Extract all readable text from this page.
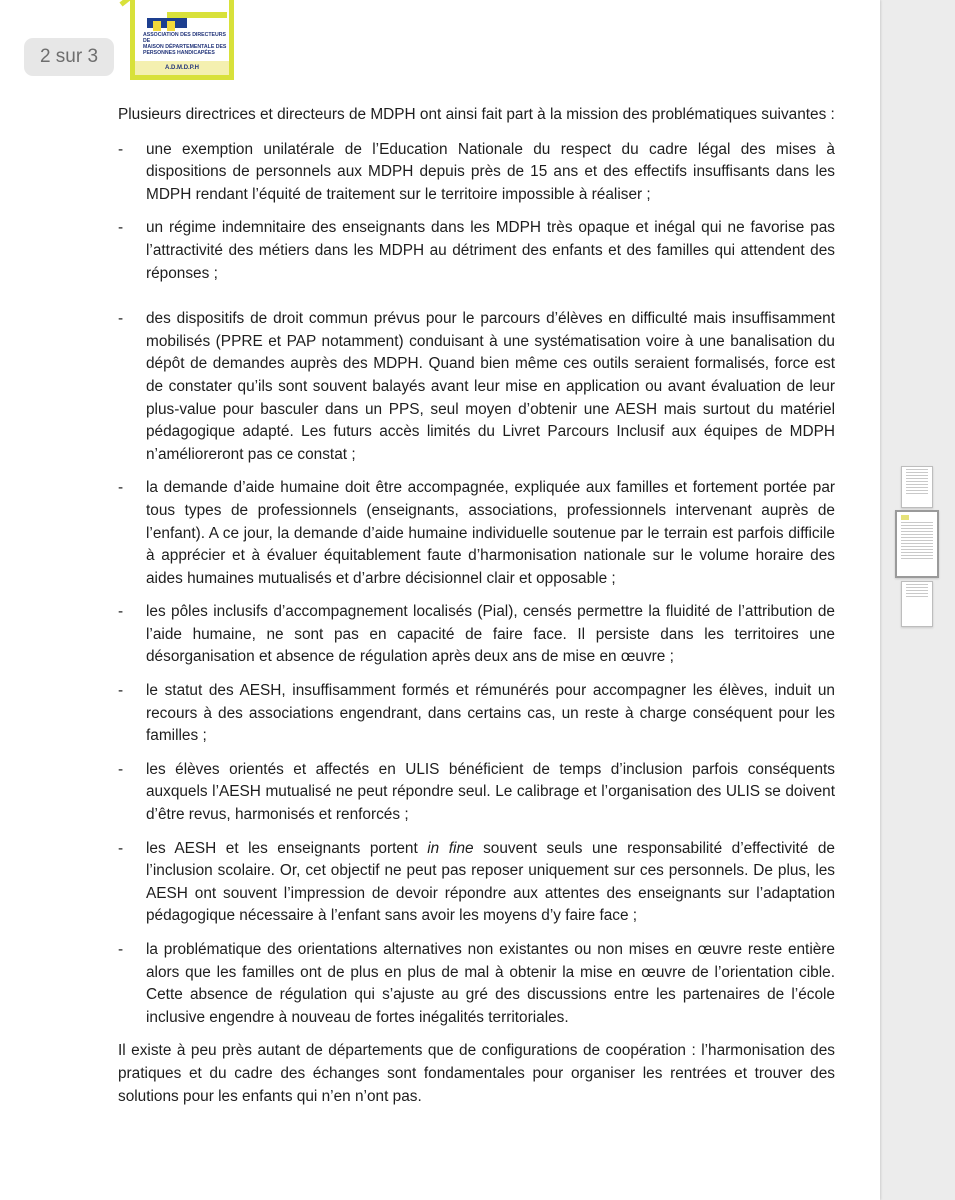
2 sur 3
ASSOCIATION DES DIRECTEURS DE
MAISON DÉPARTEMENTALE DES
PERSONNES HANDICAPÉES
A.D.M.D.P.H

Plusieurs directrices et directeurs de MDPH ont ainsi fait part à la mission des problématiques suivantes :

- une exemption unilatérale de l’Education Nationale du respect du cadre légal des mises à dispositions de personnels aux MDPH depuis près de 15 ans et des effectifs insuffisants dans les MDPH rendant l’équité de traitement sur le territoire impossible à réaliser ;
- un régime indemnitaire des enseignants dans les MDPH très opaque et inégal qui ne favorise pas l’attractivité des métiers dans les MDPH au détriment des enfants et des familles qui attendent des réponses ;
- des dispositifs de droit commun prévus pour le parcours d’élèves en difficulté mais insuffisamment mobilisés (PPRE et PAP notamment) conduisant à une systématisation voire à une banalisation du dépôt de demandes auprès des MDPH. Quand bien même ces outils seraient formalisés, force est de constater qu’ils sont souvent balayés avant leur mise en application ou avant évaluation de leur plus-value pour basculer dans un PPS, seul moyen d’obtenir une AESH mais surtout du matériel pédagogique adapté. Les futurs accès limités du Livret Parcours Inclusif aux équipes de MDPH n’amélioreront pas ce constat ;
- la demande d’aide humaine doit être accompagnée, expliquée aux familles et fortement portée par tous types de professionnels (enseignants, associations, professionnels intervenant auprès de l’enfant). A ce jour, la demande d’aide humaine individuelle soutenue par le terrain est parfois difficile à apprécier et à évaluer équitablement faute d’harmonisation nationale sur le volume horaire des aides humaines mutualisés et d’arbre décisionnel clair et opposable ;
- les pôles inclusifs d’accompagnement localisés (Pial), censés permettre la fluidité de l’attribution de l’aide humaine, ne sont pas en capacité de faire face. Il persiste dans les territoires une désorganisation et absence de régulation après deux ans de mise en œuvre ;
- le statut des AESH, insuffisamment formés et rémunérés pour accompagner les élèves, induit un recours à des associations engendrant, dans certains cas, un reste à charge conséquent pour les familles ;
- les élèves orientés et affectés en ULIS bénéficient de temps d’inclusion parfois conséquents auxquels l’AESH mutualisé ne peut répondre seul. Le calibrage et l’organisation des ULIS se doivent d’être revus, harmonisés et renforcés ;
- les AESH et les enseignants portent in fine souvent seuls une responsabilité d’effectivité de l’inclusion scolaire. Or, cet objectif ne peut pas reposer uniquement sur ces personnels. De plus, les AESH ont souvent l’impression de devoir répondre aux attentes des enseignants sur l’adaptation pédagogique nécessaire à l’enfant sans avoir les moyens d’y faire face ;
- la problématique des orientations alternatives non existantes ou non mises en œuvre reste entière alors que les familles ont de plus en plus de mal à obtenir la mise en œuvre de l’orientation cible. Cette absence de régulation qui s’ajuste au gré des discussions entre les partenaires de l’école inclusive engendre à nouveau de fortes inégalités territoriales.

Il existe à peu près autant de départements que de configurations de coopération : l’harmonisation des pratiques et du cadre des échanges sont fondamentales pour organiser les rentrées et trouver des solutions pour les enfants qui n’en n’ont pas.
